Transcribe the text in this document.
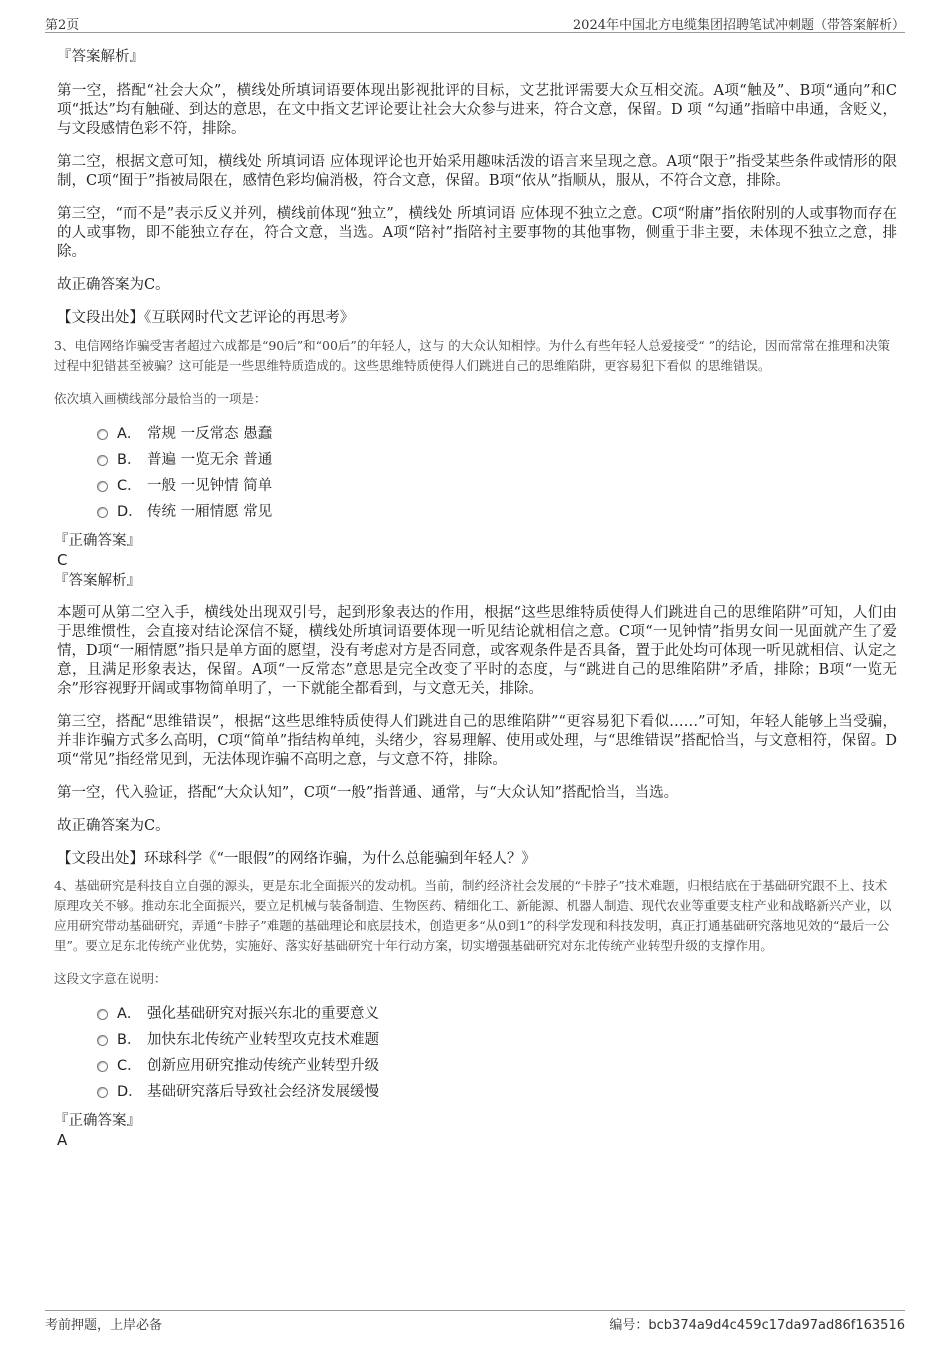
第2页	2024年中国北方电缆集团招聘笔试冲刺题（带答案解析）
『答案解析』

第一空，搭配“社会大众”，横线处所填词语要体现出影视批评的目标，文艺批评需要大众互相交流。A项“触及”、B项“通向”和C项“抵达”均有触碰、到达的意思，在文中指文艺评论要让社会大众参与进来，符合文意，保留。D 项 “勾通”指暗中串通，含贬义，与文段感情色彩不符，排除。

第二空，根据文意可知，横线处 所填词语 应体现评论也开始采用趣味活泼的语言来呈现之意。A项“限于”指受某些条件或情形的限制，C项“囿于”指被局限在，感情色彩均偏消极，符合文意，保留。B项“依从”指顺从，服从，不符合文意，排除。

第三空，“而不是”表示反义并列，横线前体现“独立”，横线处 所填词语 应体现不独立之意。C项“附庸”指依附别的人或事物而存在的人或事物，即不能独立存在，符合文意，当选。A项“陪衬”指陪衬主要事物的其他事物，侧重于非主要，未体现不独立之意，排除。

故正确答案为C。

【文段出处】《互联网时代文艺评论的再思考》

3、电信网络诈骗受害者超过六成都是“90后”和“00后”的年轻人，这与 的大众认知相悖。为什么有些年轻人总爱接受“ ”的结论，因而常常在推理和决策过程中犯错甚至被骗？这可能是一些思维特质造成的。这些思维特质使得人们跳进自己的思维陷阱，更容易犯下看似 的思维错误。

依次填入画横线部分最恰当的一项是：

A． 常规 一反常态 愚蠢
B． 普遍 一览无余 普通
C． 一般 一见钟情 简单
D． 传统 一厢情愿 常见
『正确答案』
C
『答案解析』

本题可从第二空入手，横线处出现双引号，起到形象表达的作用，根据“这些思维特质使得人们跳进自己的思维陷阱”可知，人们由于思维惯性，会直接对结论深信不疑，横线处所填词语要体现一听见结论就相信之意。C项“一见钟情”指男女间一见面就产生了爱情，D项“一厢情愿”指只是单方面的愿望，没有考虑对方是否同意，或客观条件是否具备，置于此处均可体现一听见就相信、认定之意，且满足形象表达，保留。A项“一反常态”意思是完全改变了平时的态度，与“跳进自己的思维陷阱”矛盾，排除；B项“一览无余”形容视野开阔或事物简单明了，一下就能全都看到，与文意无关，排除。

第三空，搭配“思维错误”，根据“这些思维特质使得人们跳进自己的思维陷阱”“更容易犯下看似……”可知，年轻人能够上当受骗，并非诈骗方式多么高明，C项“简单”指结构单纯，头绪少，容易理解、使用或处理，与“思维错误”搭配恰当，与文意相符，保留。D项“常见”指经常见到，无法体现诈骗不高明之意，与文意不符，排除。

第一空，代入验证，搭配“大众认知”，C项“一般”指普通、通常，与“大众认知”搭配恰当，当选。

故正确答案为C。

【文段出处】环球科学《“一眼假”的网络诈骗，为什么总能骗到年轻人？》

4、基础研究是科技自立自强的源头，更是东北全面振兴的发动机。当前，制约经济社会发展的“卡脖子”技术难题，归根结底在于基础研究跟不上、技术原理攻关不够。推动东北全面振兴，要立足机械与装备制造、生物医药、精细化工、新能源、机器人制造、现代农业等重要支柱产业和战略新兴产业，以应用研究带动基础研究，弄通“卡脖子”难题的基础理论和底层技术，创造更多“从0到1”的科学发现和科技发明，真正打通基础研究落地见效的“最后一公里”。要立足东北传统产业优势，实施好、落实好基础研究十年行动方案，切实增强基础研究对东北传统产业转型升级的支撑作用。

这段文字意在说明：

A． 强化基础研究对振兴东北的重要意义
B． 加快东北传统产业转型攻克技术难题
C． 创新应用研究推动传统产业转型升级
D． 基础研究落后导致社会经济发展缓慢
『正确答案』
A
考前押题，上岸必备	编号：bcb374a9d4c459c17da97ad86f163516
